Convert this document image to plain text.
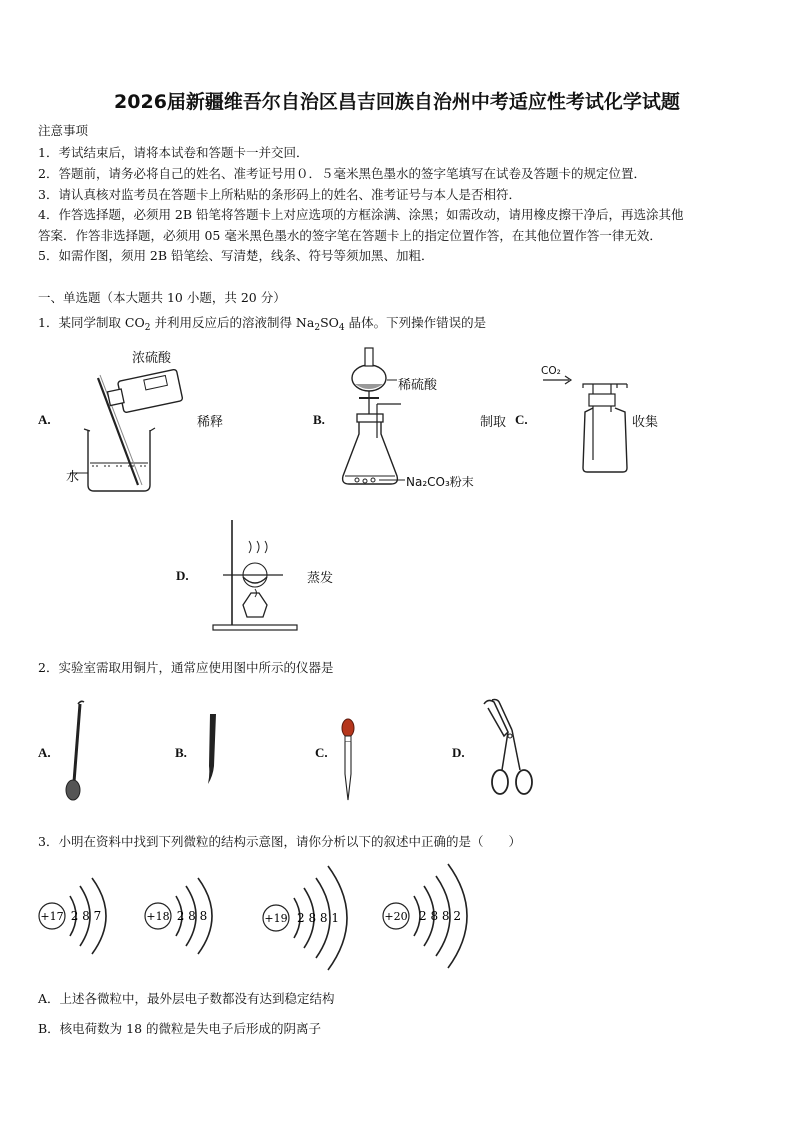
2026届新疆维吾尔自治区昌吉回族自治州中考适应性考试化学试题
注意事项
1．考试结束后，请将本试卷和答题卡一并交回．
2．答题前，请务必将自己的姓名、准考证号用０．５毫米黑色墨水的签字笔填写在试卷及答题卡的规定位置．
3．请认真核对监考员在答题卡上所粘贴的条形码上的姓名、准考证号与本人是否相符．
4．作答选择题，必须用 2B 铅笔将答题卡上对应选项的方框涂满、涂黑；如需改动，请用橡皮擦干净后，再选涂其他
答案．作答非选择题，必须用 05 毫米黑色墨水的签字笔在答题卡上的指定位置作答，在其他位置作答一律无效．
5．如需作图，须用 2B 铅笔绘、写清楚，线条、符号等须加黑、加粗．
一、单选题（本大题共 10 小题，共 20 分）
1．某同学制取 $CO_2$ 并利用反应后的溶液制得 $Na_2SO_4$ 晶体。下列操作错误的是
A.
浓硫酸
水
稀释	B.
稀硫酸
Na₂CO₃粉末
制取 C.
CO₂
收集
D.	蒸发
2．实验室需取用铜片，通常应使用图中所示的仪器是
A.	B.	C.	D.
3．小明在资料中找到下列微粒的结构示意图，请你分析以下的叙述中正确的是（　　）
+17 2 8 7	+18 2 8 8	+19 2 8 8 1	+20 2 8 8 2
A．上述各微粒中，最外层电子数都没有达到稳定结构
B．核电荷数为 18 的微粒是失电子后形成的阴离子
